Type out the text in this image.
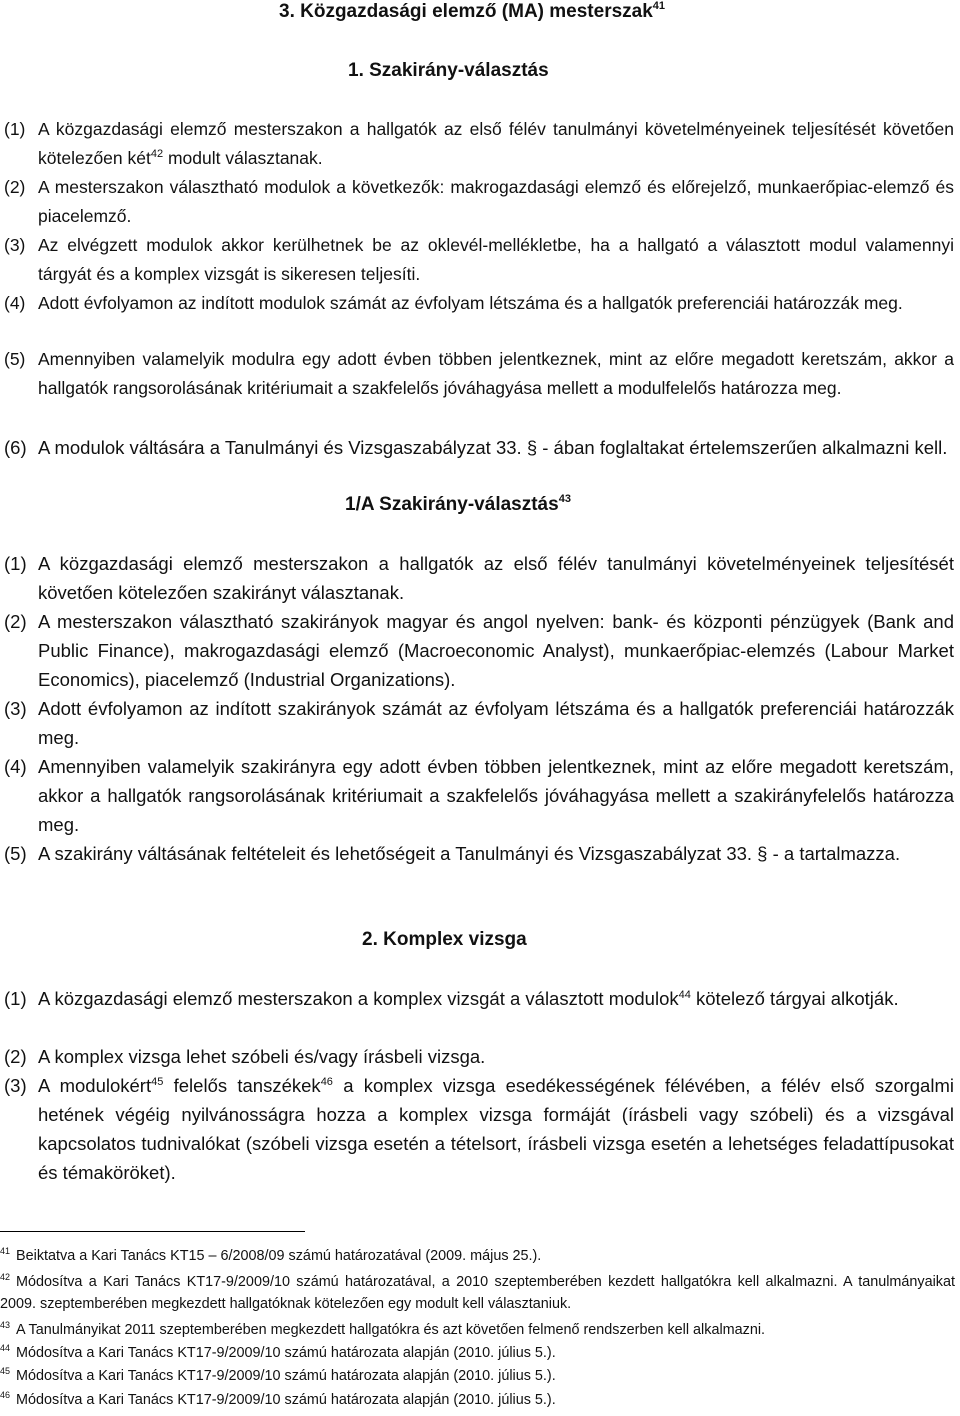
3. Közgazdasági elemző (MA) mesterszak$^{41}$
1. Szakirány-választás
(1) A közgazdasági elemző mesterszakon a hallgatók az első félév tanulmányi követelményeinek teljesítését követően kötelezően két$^{42}$ modult választanak.
(2) A mesterszakon választható modulok a következők: makrogazdasági elemző és előrejelző, munkaerőpiac-elemző és piacelemző.
(3) Az elvégzett modulok akkor kerülhetnek be az oklevél-mellékletbe, ha a hallgató a választott modul valamennyi tárgyát és a komplex vizsgát is sikeresen teljesíti.
(4) Adott évfolyamon az indított modulok számát az évfolyam létszáma és a hallgatók preferenciái határozzák meg.
(5) Amennyiben valamelyik modulra egy adott évben többen jelentkeznek, mint az előre megadott keretszám, akkor a hallgatók rangsorolásának kritériumait a szakfelelős jóváhagyása mellett a modulfelelős határozza meg.
(6) A modulok váltására a Tanulmányi és Vizsgaszabályzat 33. § - ában foglaltakat értelemszerűen alkalmazni kell.
1/A Szakirány-választás$^{43}$
(1) A közgazdasági elemző mesterszakon a hallgatók az első félév tanulmányi követelményeinek teljesítését követően kötelezően szakirányt választanak.
(2) A mesterszakon választható szakirányok magyar és angol nyelven: bank- és központi pénzügyek (Bank and Public Finance), makrogazdasági elemző (Macroeconomic Analyst), munkaerőpiac-elemzés (Labour Market Economics), piacelemző (Industrial Organizations).
(3) Adott évfolyamon az indított szakirányok számát az évfolyam létszáma és a hallgatók preferenciái határozzák meg.
(4) Amennyiben valamelyik szakirányra egy adott évben többen jelentkeznek, mint az előre megadott keretszám, akkor a hallgatók rangsorolásának kritériumait a szakfelelős jóváhagyása mellett a szakirányfelelős határozza meg.
(5) A szakirány váltásának feltételeit és lehetőségeit a Tanulmányi és Vizsgaszabályzat 33. § - a tartalmazza.
2. Komplex vizsga
(1) A közgazdasági elemző mesterszakon a komplex vizsgát a választott modulok$^{44}$ kötelező tárgyai alkotják.
(2) A komplex vizsga lehet szóbeli és/vagy írásbeli vizsga.
(3) A modulokért$^{45}$ felelős tanszékek$^{46}$ a komplex vizsga esedékességének félévében, a félév első szorgalmi hetének végéig nyilvánosságra hozza a komplex vizsga formáját (írásbeli vagy szóbeli) és a vizsgával kapcsolatos tudnivalókat (szóbeli vizsga esetén a tételsort, írásbeli vizsga esetén a lehetséges feladattípusokat és témaköröket).
$^{41}$ Beiktatva a Kari Tanács KT15 – 6/2008/09 számú határozatával (2009. május 25.).
$^{42}$ Módosítva a Kari Tanács KT17-9/2009/10 számú határozatával, a 2010 szeptemberében kezdett hallgatókra kell alkalmazni. A tanulmányaikat 2009. szeptemberében megkezdett hallgatóknak kötelezően egy modult kell választaniuk.
$^{43}$ A Tanulmányikat 2011 szeptemberében megkezdett hallgatókra és azt követően felmenő rendszerben kell alkalmazni.
$^{44}$ Módosítva a Kari Tanács KT17-9/2009/10 számú határozata alapján (2010. július 5.).
$^{45}$ Módosítva a Kari Tanács KT17-9/2009/10 számú határozata alapján (2010. július 5.).
$^{46}$ Módosítva a Kari Tanács KT17-9/2009/10 számú határozata alapján (2010. július 5.).
